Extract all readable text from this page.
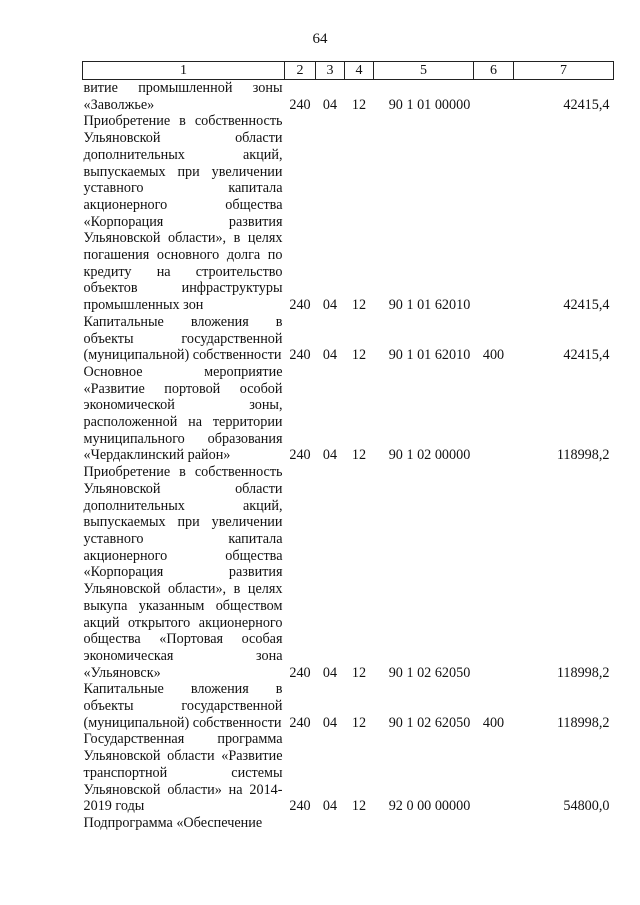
64
1	2	3	4	5	6	7
витие промышленной зоны «Заволжье»	240	04	12	90 1 01 00000		42415,4
Приобретение в собственность Ульяновской области дополнительных акций, выпускаемых при увеличении уставного капитала акционерного общества «Корпорация развития Ульяновской области», в целях погашения основного долга по кредиту на строительство объектов инфраструктуры промышленных зон	240	04	12	90 1 01 62010		42415,4
Капитальные вложения в объекты государственной (муниципальной) собственности	240	04	12	90 1 01 62010	400	42415,4
Основное мероприятие «Развитие портовой особой экономической зоны, расположенной на территории муниципального образования «Чердаклинский район»	240	04	12	90 1 02 00000		118998,2
Приобретение в собственность Ульяновской области дополнительных акций, выпускаемых при увеличении уставного капитала акционерного общества «Корпорация развития Ульяновской области», в целях выкупа указанным обществом акций открытого акционерного общества «Портовая особая экономическая зона «Ульяновск»	240	04	12	90 1 02 62050		118998,2
Капитальные вложения в объекты государственной (муниципальной) собственности	240	04	12	90 1 02 62050	400	118998,2
Государственная программа Ульяновской области «Развитие транспортной системы Ульяновской области» на 2014-2019 годы	240	04	12	92 0 00 00000		54800,0
Подпрограмма «Обеспечение						
